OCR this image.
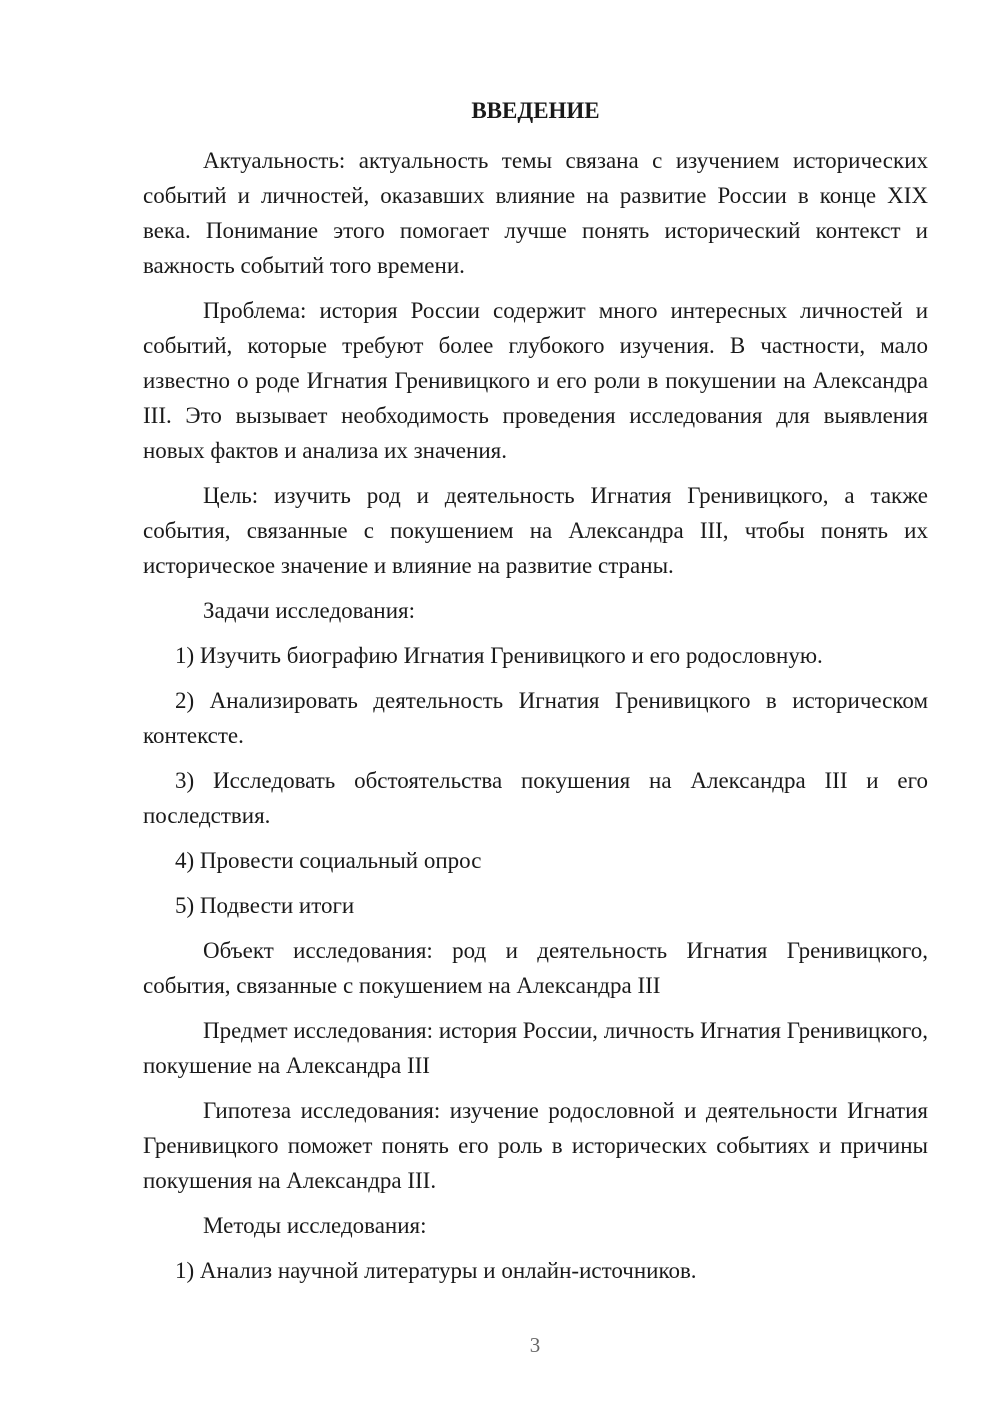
ВВЕДЕНИЕ

Актуальность: актуальность темы связана с изучением исторических событий и личностей, оказавших влияние на развитие России в конце XIX века. Понимание этого помогает лучше понять исторический контекст и важность событий того времени.

Проблема: история России содержит много интересных личностей и событий, которые требуют более глубокого изучения. В частности, мало известно о роде Игнатия Гренивицкого и его роли в покушении на Александра III. Это вызывает необходимость проведения исследования для выявления новых фактов и анализа их значения.

Цель: изучить род и деятельность Игнатия Гренивицкого, а также события, связанные с покушением на Александра III, чтобы понять их историческое значение и влияние на развитие страны.

Задачи исследования:

1) Изучить биографию Игнатия Гренивицкого и его родословную.

2) Анализировать деятельность Игнатия Гренивицкого в историческом контексте.

3) Исследовать обстоятельства покушения на Александра III и его последствия.

4) Провести социальный опрос

5) Подвести итоги

Объект исследования: род и деятельность Игнатия Гренивицкого, события, связанные с покушением на Александра III

Предмет исследования: история России, личность Игнатия Гренивицкого, покушение на Александра III

Гипотеза исследования: изучение родословной и деятельности Игнатия Гренивицкого поможет понять его роль в исторических событиях и причины покушения на Александра III.

Методы исследования:

1) Анализ научной литературы и онлайн-источников.

3
